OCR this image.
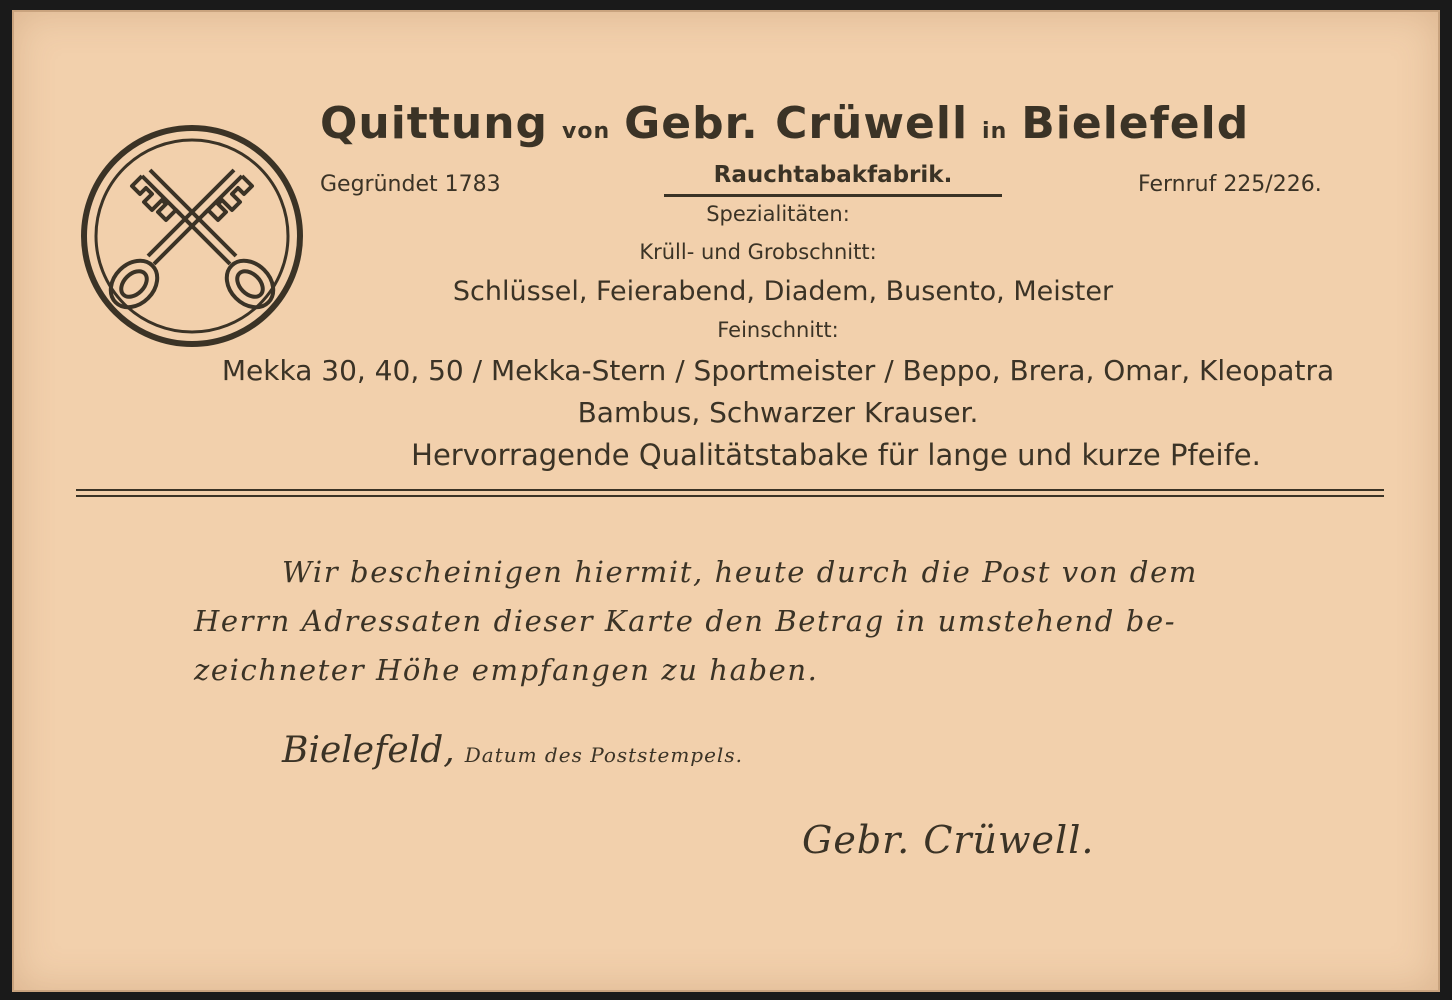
Quittung von Gebr. Crüwell in Bielefeld
Gegründet 1783	Rauchtabakfabrik.	Fernruf 225/226.
Spezialitäten:
Krüll- und Grobschnitt:
Schlüssel, Feierabend, Diadem, Busento, Meister
Feinschnitt:
Mekka 30, 40, 50 / Mekka-Stern / Sportmeister / Beppo, Brera, Omar, Kleopatra
Bambus, Schwarzer Krauser.
Hervorragende Qualitätstabake für lange und kurze Pfeife.
Wir bescheinigen hiermit, heute durch die Post von dem
Herrn Adressaten dieser Karte den Betrag in umstehend be-
zeichneter Höhe empfangen zu haben.
Bielefeld, Datum des Poststempels.
Gebr. Crüwell.
